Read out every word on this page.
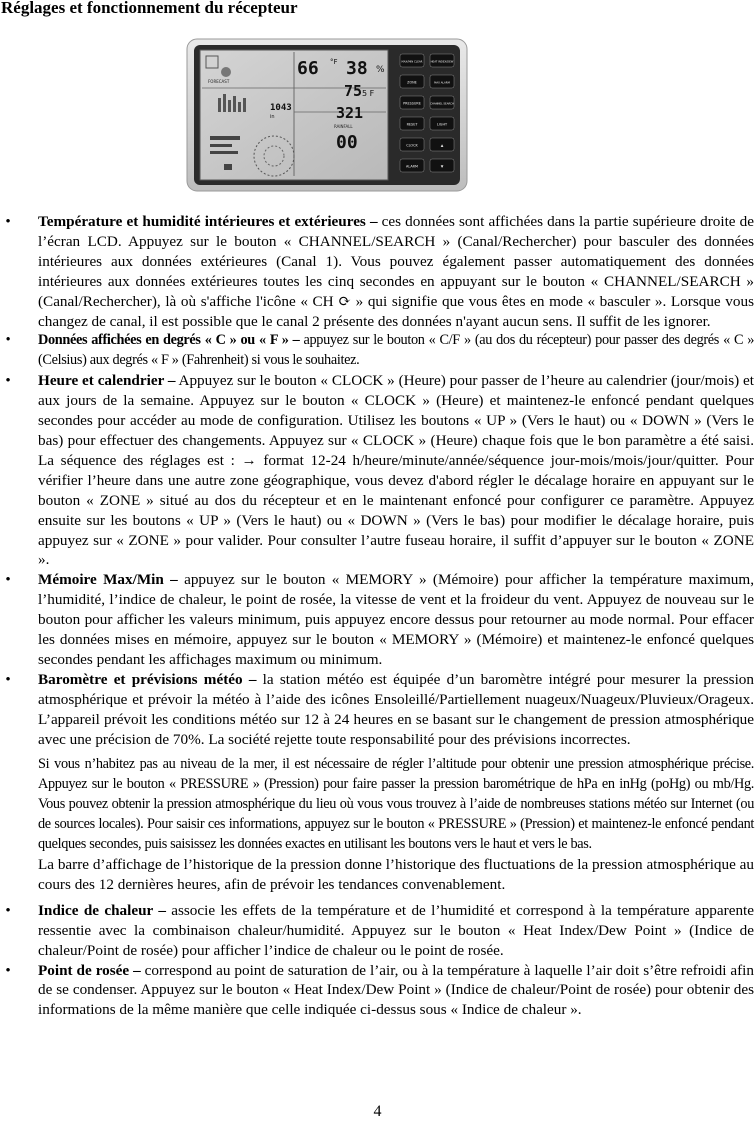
Réglages et fonctionnement du récepteur
66 °F 38 %
75 5 F
1043
in	321
RAINFALL
00
FORECAST
MAX/MIN CLEAR	HEAT INDEX/DEW
ZONE	MAX ALARM
PRESSURE	CHANNEL SEARCH
RESET	LIGHT
CLOCK	▲
ALARM	▼

•	Température et humidité intérieures et extérieures – ces données sont affichées dans la partie supérieure droite de l’écran LCD. Appuyez sur le bouton « CHANNEL/SEARCH » (Canal/Rechercher) pour basculer des données intérieures aux données extérieures (Canal 1). Vous pouvez également passer automatiquement des données intérieures aux données extérieures toutes les cinq secondes en appuyant sur le bouton « CHANNEL/SEARCH » (Canal/Rechercher), là où s'affiche l'icône « CH ⟳ » qui signifie que vous êtes en mode « basculer ». Lorsque vous changez de canal, il est possible que le canal 2 présente des données n'ayant aucun sens. Il suffit de les ignorer.

•	Données affichées en degrés « C » ou « F » – appuyez sur le bouton « C/F » (au dos du récepteur) pour passer des degrés « C » (Celsius) aux degrés « F » (Fahrenheit) si vous le souhaitez.

•	Heure et calendrier – Appuyez sur le bouton « CLOCK » (Heure) pour passer de l’heure au calendrier (jour/mois) et aux jours de la semaine. Appuyez sur le bouton « CLOCK » (Heure) et maintenez-le enfoncé pendant quelques secondes pour accéder au mode de configuration. Utilisez les boutons « UP » (Vers le haut) ou « DOWN » (Vers le bas) pour effectuer des changements. Appuyez sur « CLOCK » (Heure) chaque fois que le bon paramètre a été saisi. La séquence des réglages est : → format 12-24 h/heure/minute/année/séquence jour-mois/mois/jour/quitter. Pour vérifier l’heure dans une autre zone géographique, vous devez d'abord régler le décalage horaire en appuyant sur le bouton « ZONE » situé au dos du récepteur et en le maintenant enfoncé pour configurer ce paramètre. Appuyez ensuite sur les boutons « UP » (Vers le haut) ou « DOWN » (Vers le bas) pour modifier le décalage horaire, puis appuyez sur « ZONE » pour valider. Pour consulter l’autre fuseau horaire, il suffit d’appuyer sur le bouton « ZONE ».

•	Mémoire Max/Min – appuyez sur le bouton « MEMORY » (Mémoire) pour afficher la température maximum, l’humidité, l’indice de chaleur, le point de rosée, la vitesse de vent et la froideur du vent. Appuyez de nouveau sur le bouton pour afficher les valeurs minimum, puis appuyez encore dessus pour retourner au mode normal. Pour effacer les données mises en mémoire, appuyez sur le bouton « MEMORY » (Mémoire) et maintenez-le enfoncé quelques secondes pendant les affichages maximum ou minimum.

•	Baromètre et prévisions météo – la station météo est équipée d’un baromètre intégré pour mesurer la pression atmosphérique et prévoir la météo à l’aide des icônes Ensoleillé/Partiellement nuageux/Nuageux/Pluvieux/Orageux. L’appareil prévoit les conditions météo sur 12 à 24 heures en se basant sur le changement de pression atmosphérique avec une précision de 70%. La société rejette toute responsabilité pour des prévisions incorrectes.

Si vous n’habitez pas au niveau de la mer, il est nécessaire de régler l’altitude pour obtenir une pression atmosphérique précise. Appuyez sur le bouton « PRESSURE » (Pression) pour faire passer la pression barométrique de hPa en inHg (poHg) ou mb/Hg. Vous pouvez obtenir la pression atmosphérique du lieu où vous vous trouvez à l’aide de nombreuses stations météo sur Internet (ou de sources locales). Pour saisir ces informations, appuyez sur le bouton « PRESSURE » (Pression) et maintenez-le enfoncé pendant quelques secondes, puis saisissez les données exactes en utilisant les boutons vers le haut et vers le bas.

La barre d’affichage de l’historique de la pression donne l’historique des fluctuations de la pression atmosphérique au cours des 12 dernières heures, afin de prévoir les tendances convenablement.

•	Indice de chaleur – associe les effets de la température et de l’humidité et correspond à la température apparente ressentie avec la combinaison chaleur/humidité. Appuyez sur le bouton « Heat Index/Dew Point » (Indice de chaleur/Point de rosée) pour afficher l’indice de chaleur ou le point de rosée.

•	Point de rosée – correspond au point de saturation de l’air, ou à la température à laquelle l’air doit s’être refroidi afin de se condenser. Appuyez sur le bouton « Heat Index/Dew Point » (Indice de chaleur/Point de rosée) pour obtenir des informations de la même manière que celle indiquée ci-dessus sous « Indice de chaleur ».

4
